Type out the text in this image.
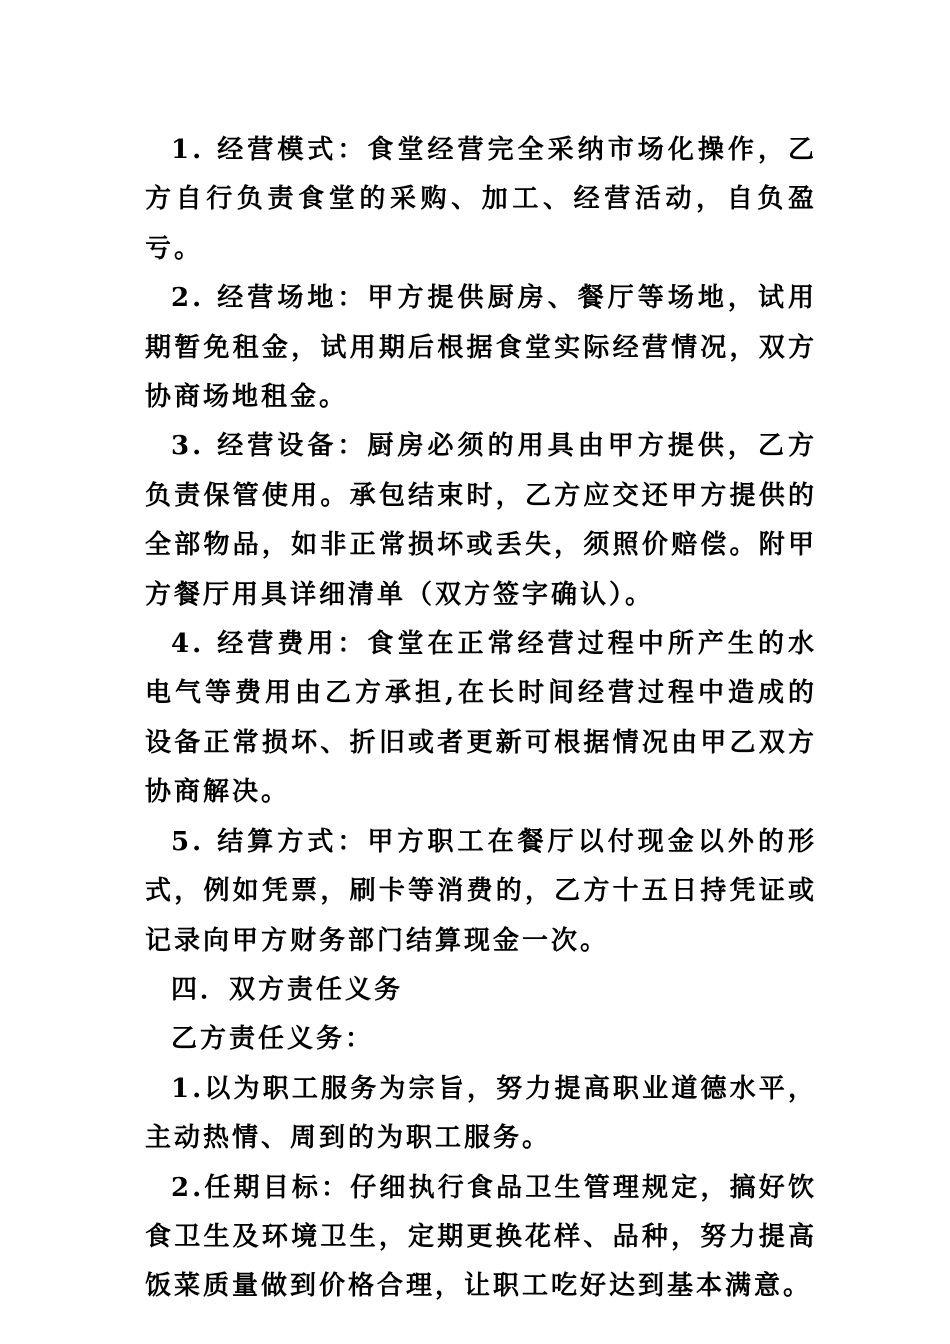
1. 经营模式：食堂经营完全采纳市场化操作，乙方自行负责食堂的采购、加工、经营活动，自负盈亏。

2. 经营场地：甲方提供厨房、餐厅等场地，试用期暂免租金，试用期后根据食堂实际经营情况，双方协商场地租金。

3. 经营设备：厨房必须的用具由甲方提供，乙方负责保管使用。承包结束时，乙方应交还甲方提供的全部物品，如非正常损坏或丢失，须照价赔偿。附甲方餐厅用具详细清单（双方签字确认）。

4. 经营费用：食堂在正常经营过程中所产生的水电气等费用由乙方承担,在长时间经营过程中造成的设备正常损坏、折旧或者更新可根据情况由甲乙双方协商解决。

5. 结算方式：甲方职工在餐厅以付现金以外的形式，例如凭票，刷卡等消费的，乙方十五日持凭证或记录向甲方财务部门结算现金一次。

四．双方责任义务

乙方责任义务：

1.以为职工服务为宗旨，努力提高职业道德水平，主动热情、周到的为职工服务。

2.任期目标：仔细执行食品卫生管理规定，搞好饮食卫生及环境卫生，定期更换花样、品种，努力提高饭菜质量做到价格合理，让职工吃好达到基本满意。
